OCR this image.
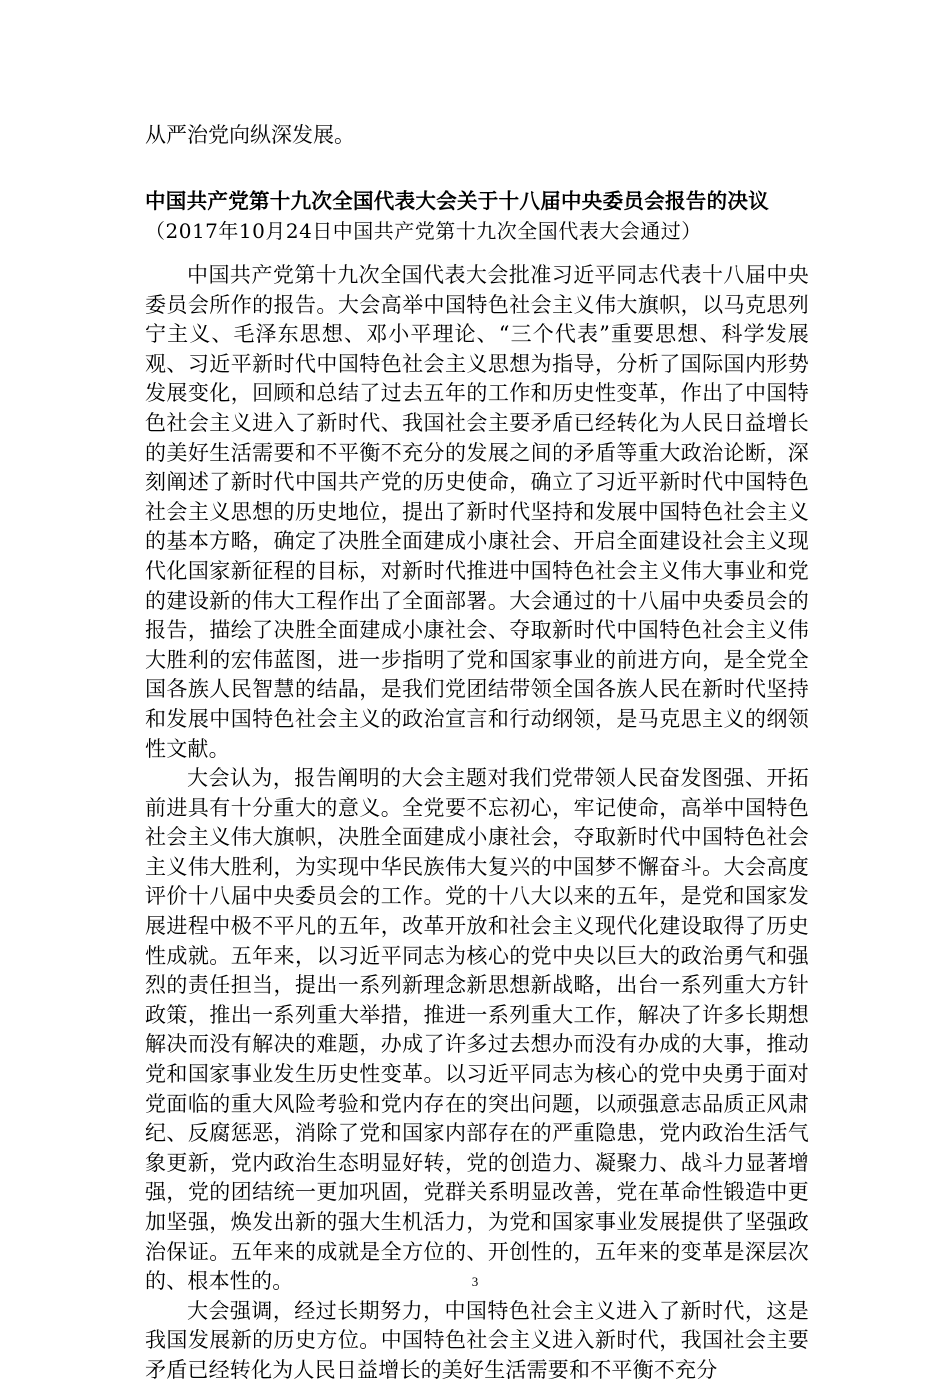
从严治党向纵深发展。

中国共产党第十九次全国代表大会关于十八届中央委员会报告的决议

（2017年10月24日中国共产党第十九次全国代表大会通过）

中国共产党第十九次全国代表大会批准习近平同志代表十八届中央委员会所作的报告。大会高举中国特色社会主义伟大旗帜，以马克思列宁主义、毛泽东思想、邓小平理论、“三个代表”重要思想、科学发展观、习近平新时代中国特色社会主义思想为指导，分析了国际国内形势发展变化，回顾和总结了过去五年的工作和历史性变革，作出了中国特色社会主义进入了新时代、我国社会主要矛盾已经转化为人民日益增长的美好生活需要和不平衡不充分的发展之间的矛盾等重大政治论断，深刻阐述了新时代中国共产党的历史使命，确立了习近平新时代中国特色社会主义思想的历史地位，提出了新时代坚持和发展中国特色社会主义的基本方略，确定了决胜全面建成小康社会、开启全面建设社会主义现代化国家新征程的目标，对新时代推进中国特色社会主义伟大事业和党的建设新的伟大工程作出了全面部署。大会通过的十八届中央委员会的报告，描绘了决胜全面建成小康社会、夺取新时代中国特色社会主义伟大胜利的宏伟蓝图，进一步指明了党和国家事业的前进方向，是全党全国各族人民智慧的结晶，是我们党团结带领全国各族人民在新时代坚持和发展中国特色社会主义的政治宣言和行动纲领，是马克思主义的纲领性文献。

大会认为，报告阐明的大会主题对我们党带领人民奋发图强、开拓前进具有十分重大的意义。全党要不忘初心，牢记使命，高举中国特色社会主义伟大旗帜，决胜全面建成小康社会，夺取新时代中国特色社会主义伟大胜利，为实现中华民族伟大复兴的中国梦不懈奋斗。大会高度评价十八届中央委员会的工作。党的十八大以来的五年，是党和国家发展进程中极不平凡的五年，改革开放和社会主义现代化建设取得了历史性成就。五年来，以习近平同志为核心的党中央以巨大的政治勇气和强烈的责任担当，提出一系列新理念新思想新战略，出台一系列重大方针政策，推出一系列重大举措，推进一系列重大工作，解决了许多长期想解决而没有解决的难题，办成了许多过去想办而没有办成的大事，推动党和国家事业发生历史性变革。以习近平同志为核心的党中央勇于面对党面临的重大风险考验和党内存在的突出问题，以顽强意志品质正风肃纪、反腐惩恶，消除了党和国家内部存在的严重隐患，党内政治生活气象更新，党内政治生态明显好转，党的创造力、凝聚力、战斗力显著增强，党的团结统一更加巩固，党群关系明显改善，党在革命性锻造中更加坚强，焕发出新的强大生机活力，为党和国家事业发展提供了坚强政治保证。五年来的成就是全方位的、开创性的，五年来的变革是深层次的、根本性的。

大会强调，经过长期努力，中国特色社会主义进入了新时代，这是我国发展新的历史方位。中国特色社会主义进入新时代，我国社会主要矛盾已经转化为人民日益增长的美好生活需要和不平衡不充分

3
